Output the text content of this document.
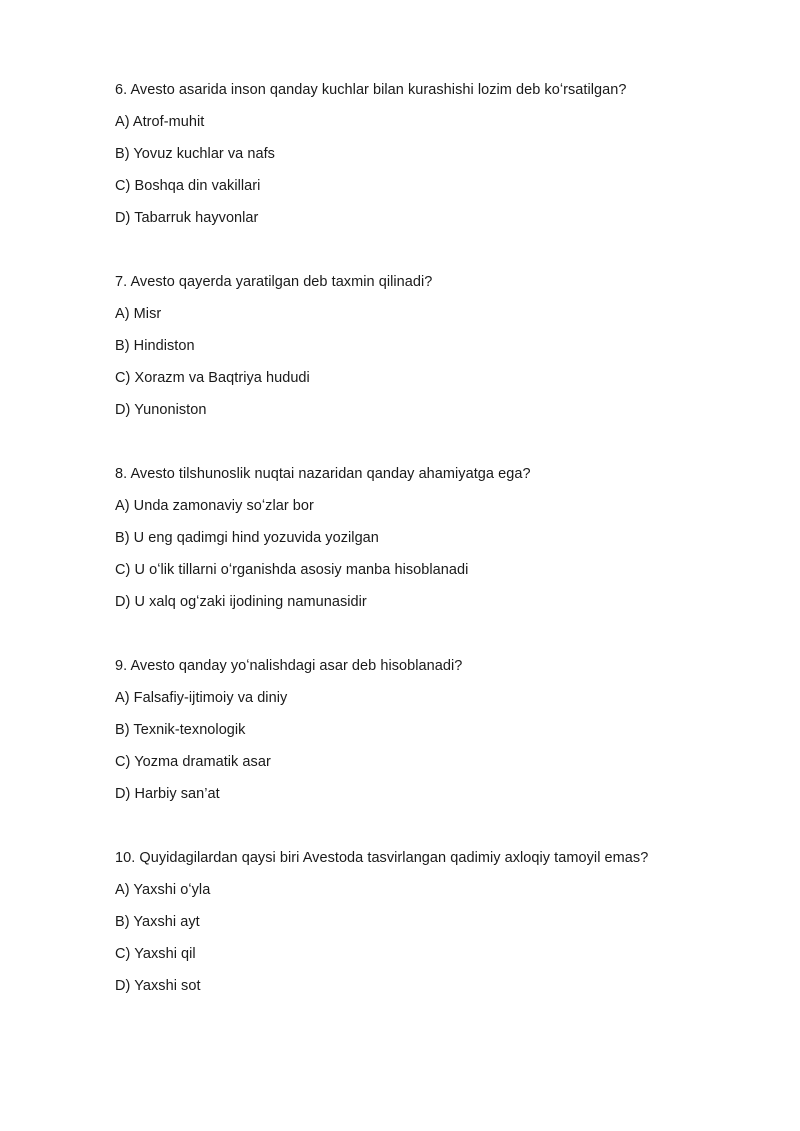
6. Avesto asarida inson qanday kuchlar bilan kurashishi lozim deb koʻrsatilgan?
A) Atrof-muhit
B) Yovuz kuchlar va nafs
C) Boshqa din vakillari
D) Tabarruk hayvonlar
7. Avesto qayerda yaratilgan deb taxmin qilinadi?
A) Misr
B) Hindiston
C) Xorazm va Baqtriya hududi
D) Yunoniston
8. Avesto tilshunoslik nuqtai nazaridan qanday ahamiyatga ega?
A) Unda zamonaviy soʻzlar bor
B) U eng qadimgi hind yozuvida yozilgan
C) U oʻlik tillarni oʻrganishda asosiy manba hisoblanadi
D) U xalq ogʻzaki ijodining namunasidir
9. Avesto qanday yoʻnalishdagi asar deb hisoblanadi?
A) Falsafiy-ijtimoiy va diniy
B) Texnik-texnologik
C) Yozma dramatik asar
D) Harbiy san’at
10. Quyidagilardan qaysi biri Avestoda tasvirlangan qadimiy axloqiy tamoyil emas?
A) Yaxshi oʻyla
B) Yaxshi ayt
C) Yaxshi qil
D) Yaxshi sot
